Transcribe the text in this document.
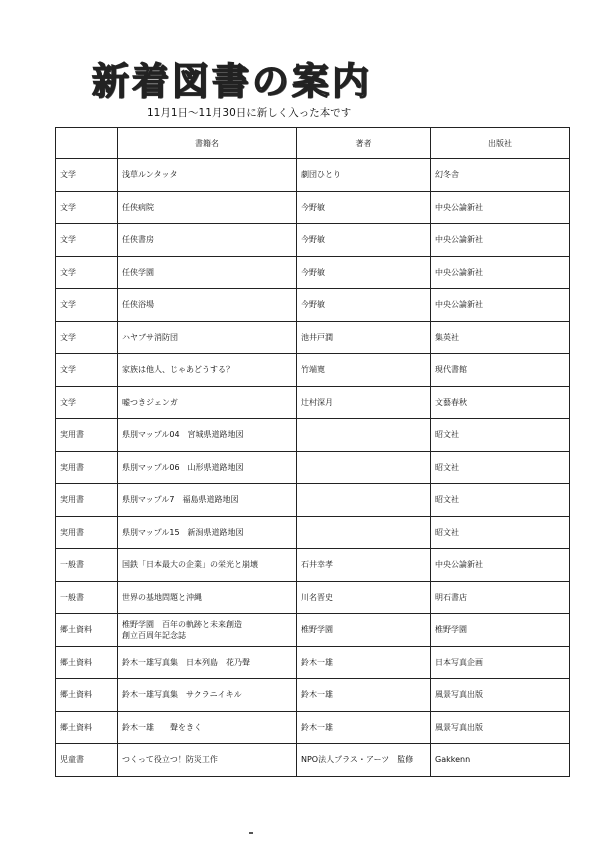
新着図書の案内
11月1日～11月30日に新しく入った本です
	書籍名	著者	出版社
文学	浅草ルンタッタ	劇団ひとり	幻冬舎
文学	任侠病院	今野敏	中央公論新社
文学	任侠書房	今野敏	中央公論新社
文学	任侠学園	今野敏	中央公論新社
文学	任侠浴場	今野敏	中央公論新社
文学	ハヤブサ消防団	池井戸潤	集英社
文学	家族は他人、じゃあどうする？	竹端寛	現代書館
文学	嘘つきジェンガ	辻村深月	文藝春秋
実用書	県別マップル04　宮城県道路地図		昭文社
実用書	県別マップル06　山形県道路地図		昭文社
実用書	県別マップル7　福島県道路地図		昭文社
実用書	県別マップル15　新潟県道路地図		昭文社
一般書	国鉄「日本最大の企業」の栄光と崩壊	石井幸孝	中央公論新社
一般書	世界の基地問題と沖縄	川名晋史	明石書店
郷土資料	椎野学園　百年の軌跡と未来創造
創立百周年記念誌	椎野学園	椎野学園
郷土資料	鈴木一雄写真集　日本列島　花乃聲	鈴木一雄	日本写真企画
郷土資料	鈴木一雄写真集　サクラニイキル	鈴木一雄	風景写真出版
郷土資料	鈴木一雄　　聲をきく	鈴木一雄	風景写真出版
児童書	つくって役立つ！防災工作	NPO法人プラス・アーツ　監修	Gakkenn
